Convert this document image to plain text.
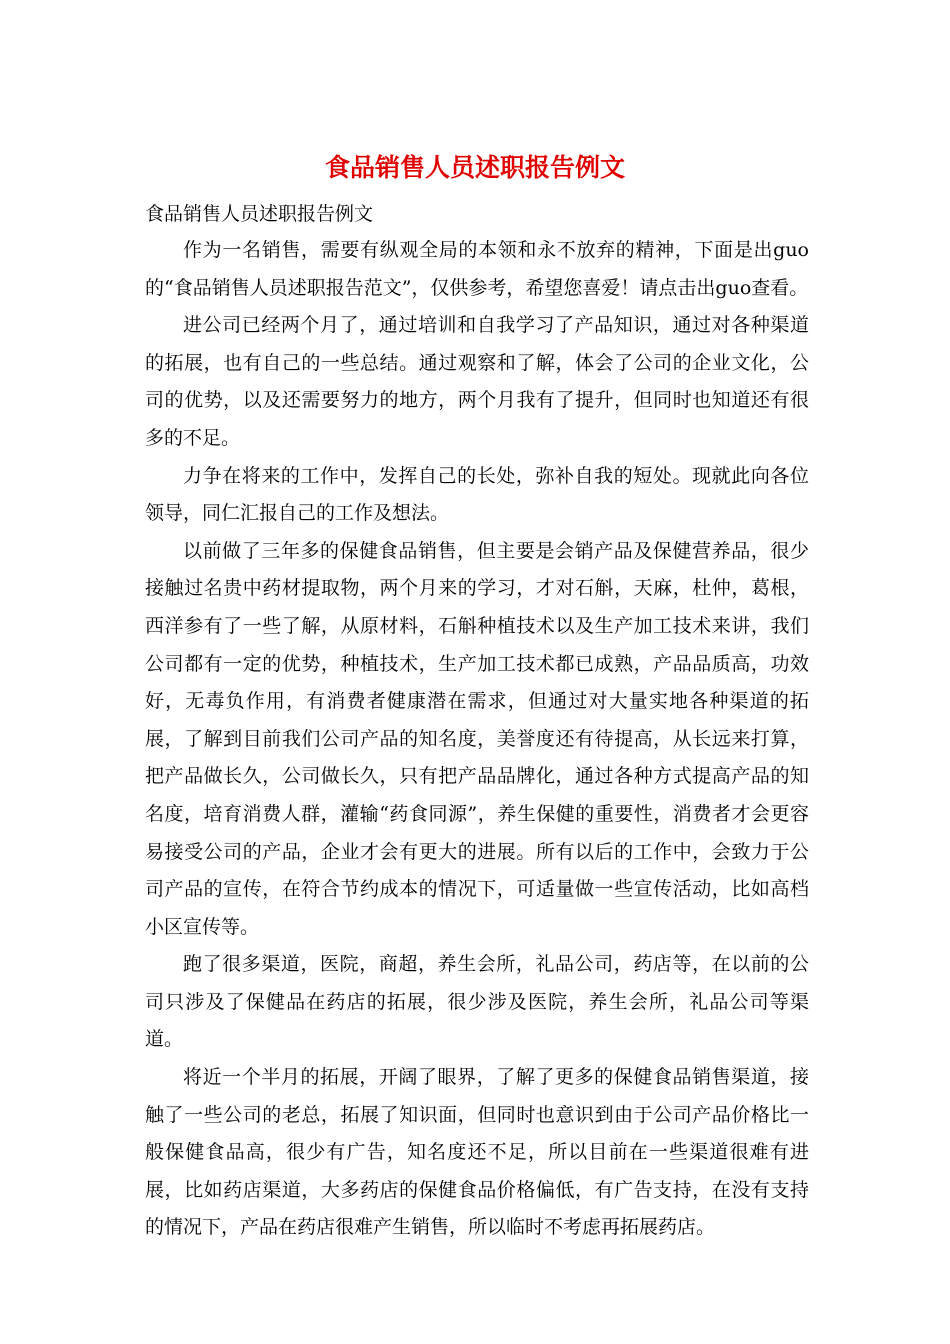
食品销售人员述职报告例文

食品销售人员述职报告例文

作为一名销售，需要有纵观全局的本领和永不放弃的精神，下面是出guo的“食品销售人员述职报告范文”，仅供参考，希望您喜爱！请点击出guo查看。

进公司已经两个月了，通过培训和自我学习了产品知识，通过对各种渠道的拓展，也有自己的一些总结。通过观察和了解，体会了公司的企业文化，公司的优势，以及还需要努力的地方，两个月我有了提升，但同时也知道还有很多的不足。

力争在将来的工作中，发挥自己的长处，弥补自我的短处。现就此向各位领导，同仁汇报自己的工作及想法。

以前做了三年多的保健食品销售，但主要是会销产品及保健营养品，很少接触过名贵中药材提取物，两个月来的学习，才对石斛，天麻，杜仲，葛根，西洋参有了一些了解，从原材料，石斛种植技术以及生产加工技术来讲，我们公司都有一定的优势，种植技术，生产加工技术都已成熟，产品品质高，功效好，无毒负作用，有消费者健康潜在需求，但通过对大量实地各种渠道的拓展，了解到目前我们公司产品的知名度，美誉度还有待提高，从长远来打算，把产品做长久，公司做长久，只有把产品品牌化，通过各种方式提高产品的知名度，培育消费人群，灌输“药食同源”，养生保健的重要性，消费者才会更容易接受公司的产品，企业才会有更大的进展。所有以后的工作中，会致力于公司产品的宣传，在符合节约成本的情况下，可适量做一些宣传活动，比如高档小区宣传等。

跑了很多渠道，医院，商超，养生会所，礼品公司，药店等，在以前的公司只涉及了保健品在药店的拓展，很少涉及医院，养生会所，礼品公司等渠道。

将近一个半月的拓展，开阔了眼界，了解了更多的保健食品销售渠道，接触了一些公司的老总，拓展了知识面，但同时也意识到由于公司产品价格比一般保健食品高，很少有广告，知名度还不足，所以目前在一些渠道很难有进展，比如药店渠道，大多药店的保健食品价格偏低，有广告支持，在没有支持的情况下，产品在药店很难产生销售，所以临时不考虑再拓展药店。
